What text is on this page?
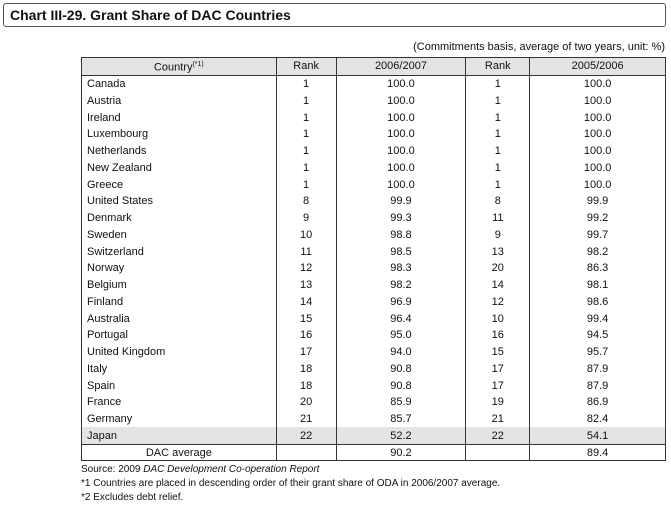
Chart III-29. Grant Share of DAC Countries
(Commitments basis, average of two years, unit: %)
Country$^{(*1)}$	Rank	2006/2007	Rank	2005/2006
Canada	1	100.0	1	100.0
Austria	1	100.0	1	100.0
Ireland	1	100.0	1	100.0
Luxembourg	1	100.0	1	100.0
Netherlands	1	100.0	1	100.0
New Zealand	1	100.0	1	100.0
Greece	1	100.0	1	100.0
United States	8	99.9	8	99.9
Denmark	9	99.3	11	99.2
Sweden	10	98.8	9	99.7
Switzerland	11	98.5	13	98.2
Norway	12	98.3	20	86.3
Belgium	13	98.2	14	98.1
Finland	14	96.9	12	98.6
Australia	15	96.4	10	99.4
Portugal	16	95.0	16	94.5
United Kingdom	17	94.0	15	95.7
Italy	18	90.8	17	87.9
Spain	18	90.8	17	87.9
France	20	85.9	19	86.9
Germany	21	85.7	21	82.4
Japan	22	52.2	22	54.1
DAC average		90.2		89.4
Source: 2009 DAC Development Co-operation Report
*1 Countries are placed in descending order of their grant share of ODA in 2006/2007 average.
*2 Excludes debt relief.
